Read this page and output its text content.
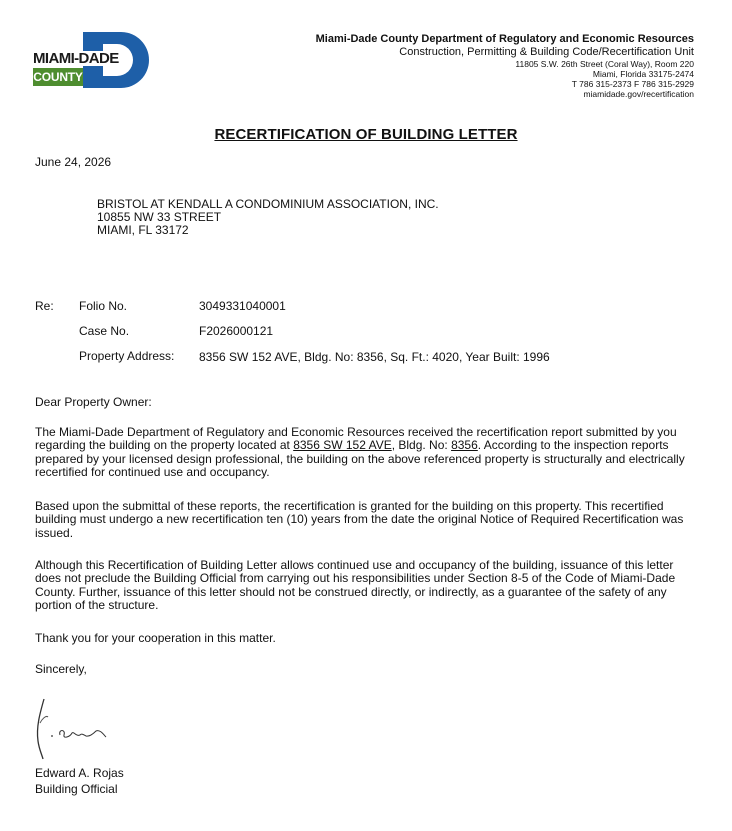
MIAMI-DADE
COUNTY
Miami-Dade County Department of Regulatory and Economic Resources
Construction, Permitting & Building Code/Recertification Unit
11805 S.W. 26th Street (Coral Way), Room 220
Miami, Florida 33175-2474
T 786 315-2373 F 786 315-2929
miamidade.gov/recertification
RECERTIFICATION OF BUILDING LETTER
June 24, 2026
BRISTOL AT KENDALL A CONDOMINIUM ASSOCIATION, INC.
10855 NW 33 STREET
MIAMI, FL 33172
Re: Folio No.	3049331040001
Case No.	F2026000121
Property Address: 8356 SW 152 AVE, Bldg. No: 8356, Sq. Ft.: 4020, Year Built: 1996
Dear Property Owner:

The Miami-Dade Department of Regulatory and Economic Resources received the recertification report submitted by you regarding the building on the property located at 8356 SW 152 AVE, Bldg. No: 8356. According to the inspection reports prepared by your licensed design professional, the building on the above referenced property is structurally and electrically recertified for continued use and occupancy.

Based upon the submittal of these reports, the recertification is granted for the building on this property. This recertified building must undergo a new recertification ten (10) years from the date the original Notice of Required Recertification was issued.

Although this Recertification of Building Letter allows continued use and occupancy of the building, issuance of this letter does not preclude the Building Official from carrying out his responsibilities under Section 8-5 of the Code of Miami-Dade County. Further, issuance of this letter should not be construed directly, or indirectly, as a guarantee of the safety of any portion of the structure.

Thank you for your cooperation in this matter.
Sincerely,
Edward A. Rojas
Building Official
